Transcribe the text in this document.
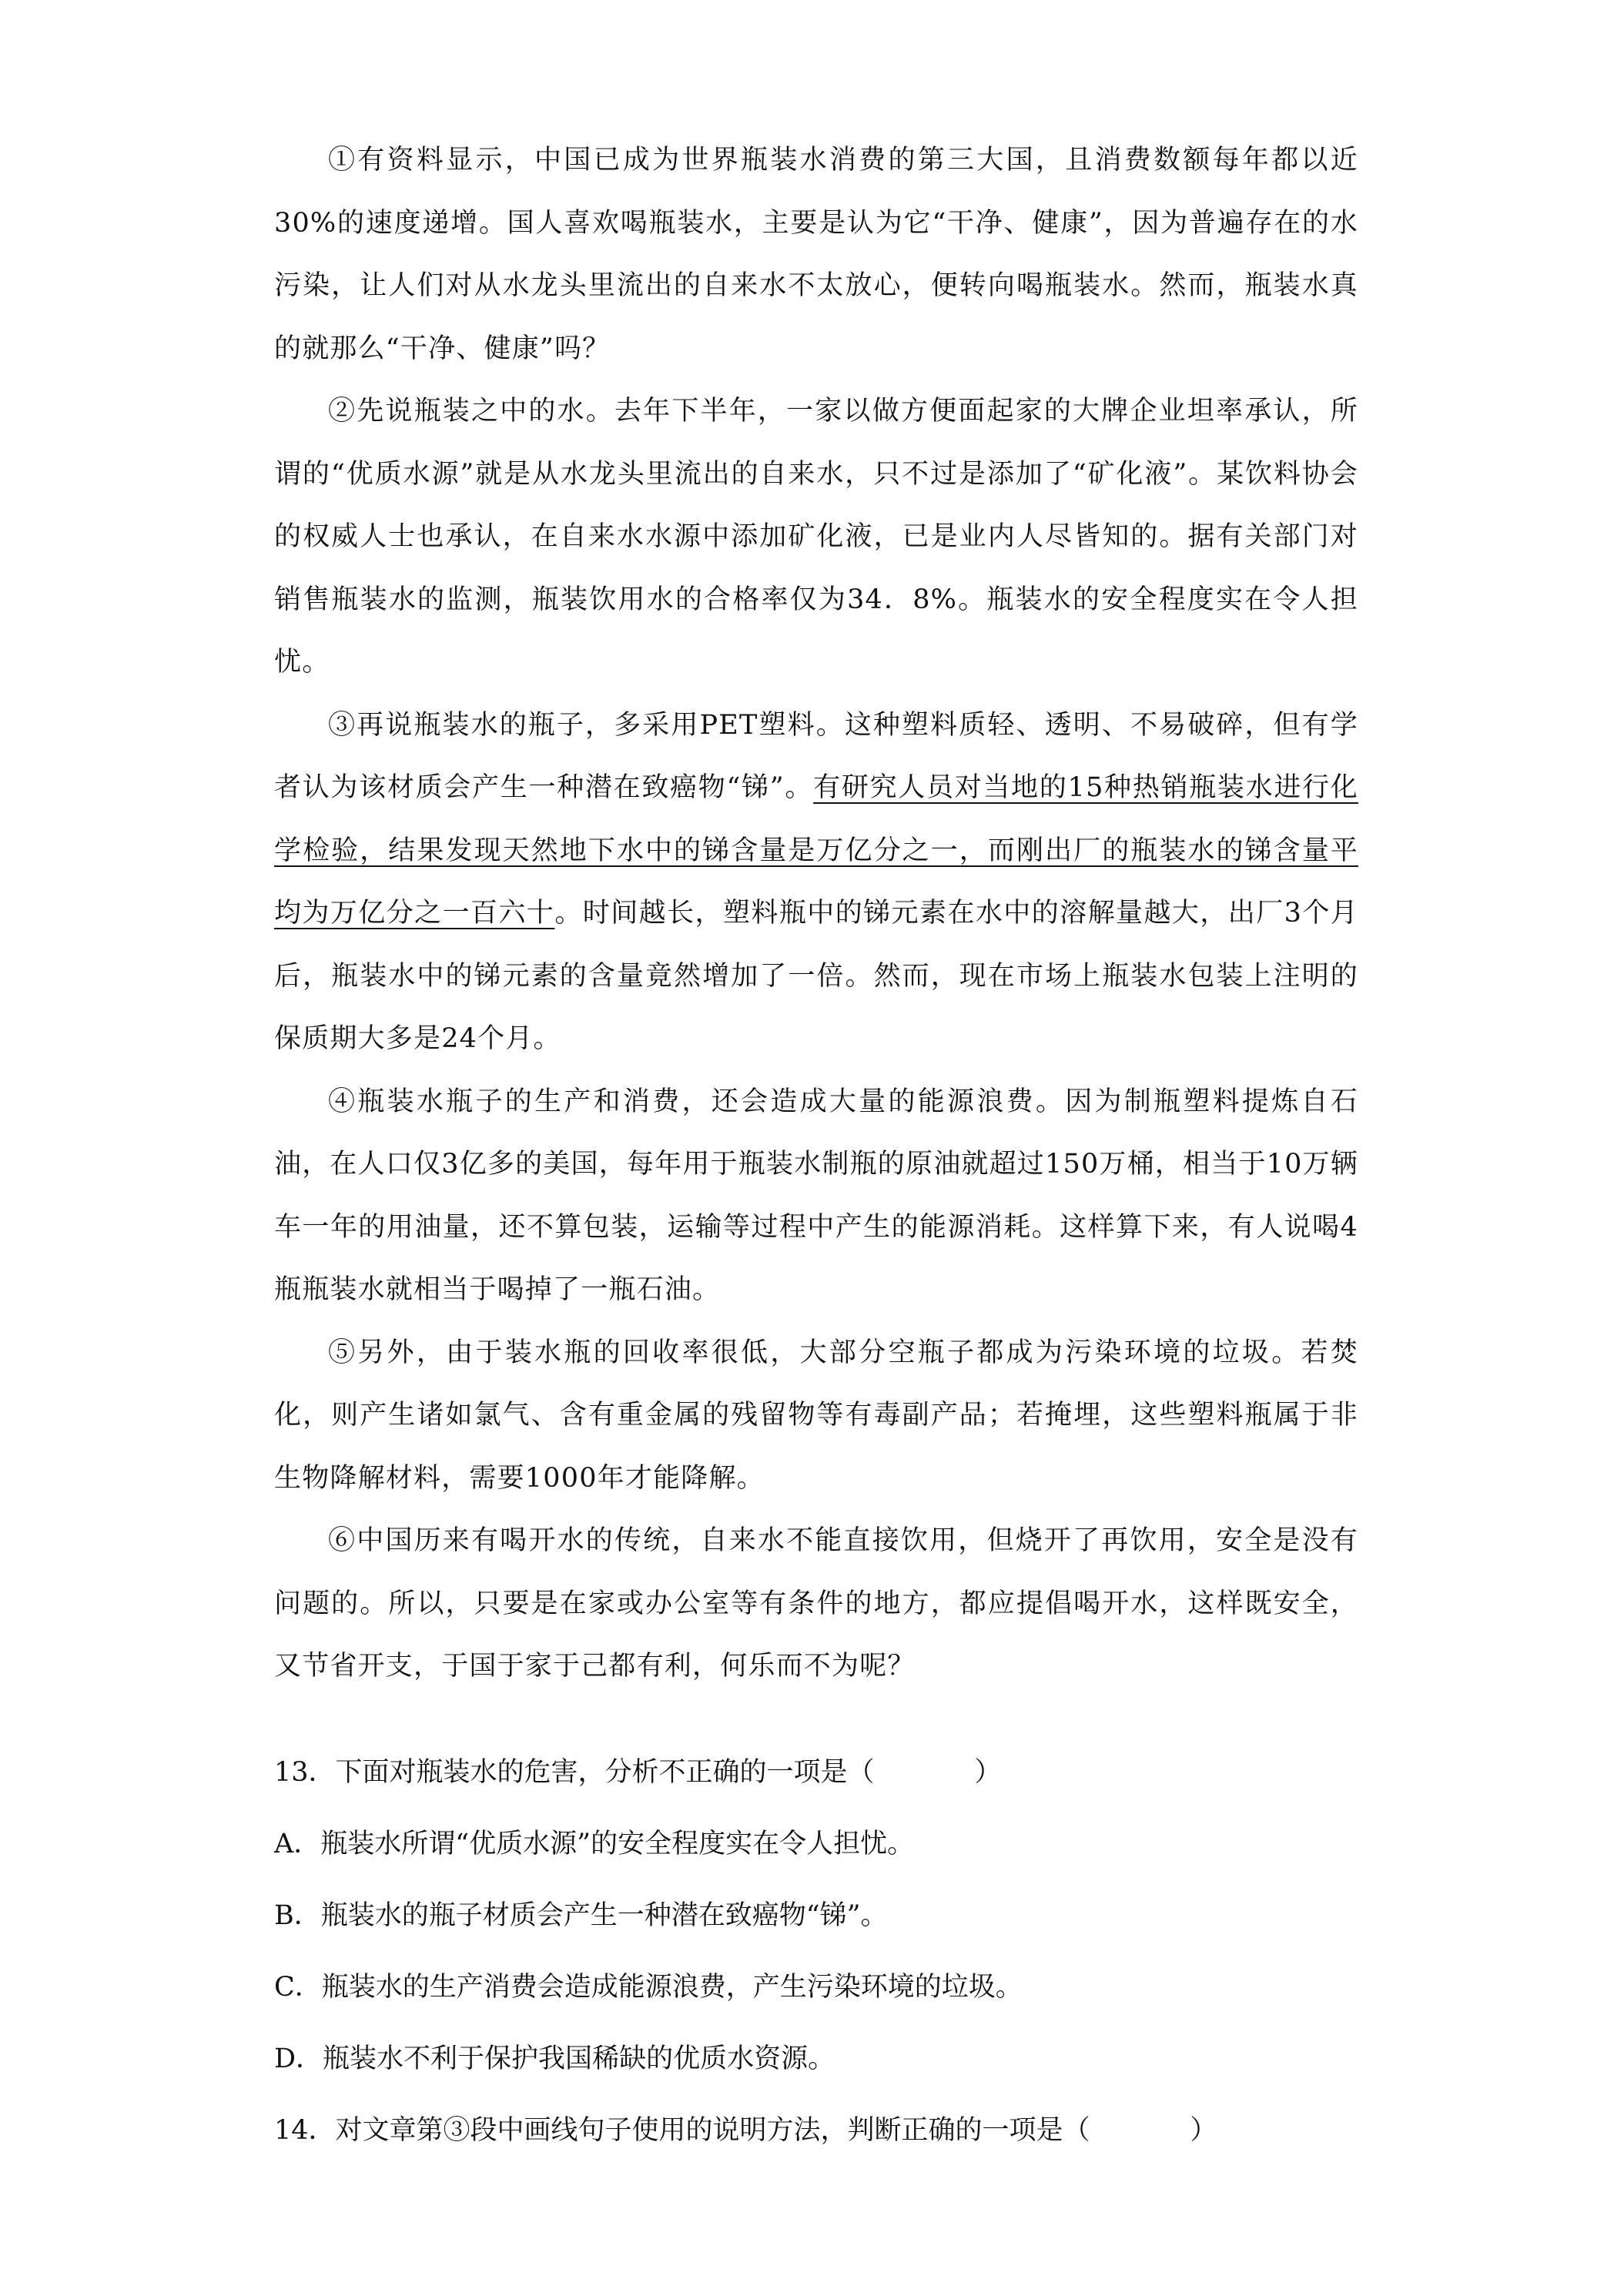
①有资料显示，中国已成为世界瓶装水消费的第三大国，且消费数额每年都以近30%的速度递增。国人喜欢喝瓶装水，主要是认为它“干净、健康”，因为普遍存在的水污染，让人们对从水龙头里流出的自来水不太放心，便转向喝瓶装水。然而，瓶装水真的就那么“干净、健康”吗？

②先说瓶装之中的水。去年下半年，一家以做方便面起家的大牌企业坦率承认，所谓的“优质水源”就是从水龙头里流出的自来水，只不过是添加了“矿化液”。某饮料协会的权威人士也承认，在自来水水源中添加矿化液，已是业内人尽皆知的。据有关部门对销售瓶装水的监测，瓶装饮用水的合格率仅为34．8%。瓶装水的安全程度实在令人担忧。

③再说瓶装水的瓶子，多采用PET塑料。这种塑料质轻、透明、不易破碎，但有学者认为该材质会产生一种潜在致癌物“锑”。有研究人员对当地的15种热销瓶装水进行化学检验，结果发现天然地下水中的锑含量是万亿分之一，而刚出厂的瓶装水的锑含量平均为万亿分之一百六十。时间越长，塑料瓶中的锑元素在水中的溶解量越大，出厂3个月后，瓶装水中的锑元素的含量竟然增加了一倍。然而，现在市场上瓶装水包装上注明的保质期大多是24个月。

④瓶装水瓶子的生产和消费，还会造成大量的能源浪费。因为制瓶塑料提炼自石油，在人口仅3亿多的美国，每年用于瓶装水制瓶的原油就超过150万桶，相当于10万辆车一年的用油量，还不算包装，运输等过程中产生的能源消耗。这样算下来，有人说喝4瓶瓶装水就相当于喝掉了一瓶石油。

⑤另外，由于装水瓶的回收率很低，大部分空瓶子都成为污染环境的垃圾。若焚化，则产生诸如氯气、含有重金属的残留物等有毒副产品；若掩埋，这些塑料瓶属于非生物降解材料，需要1000年才能降解。

⑥中国历来有喝开水的传统，自来水不能直接饮用，但烧开了再饮用，安全是没有问题的。所以，只要是在家或办公室等有条件的地方，都应提倡喝开水，这样既安全，又节省开支，于国于家于己都有利，何乐而不为呢？

13．下面对瓶装水的危害，分析不正确的一项是（	）

A．瓶装水所谓“优质水源”的安全程度实在令人担忧。

B．瓶装水的瓶子材质会产生一种潜在致癌物“锑”。

C．瓶装水的生产消费会造成能源浪费，产生污染环境的垃圾。

D．瓶装水不利于保护我国稀缺的优质水资源。

14．对文章第③段中画线句子使用的说明方法，判断正确的一项是（	）
